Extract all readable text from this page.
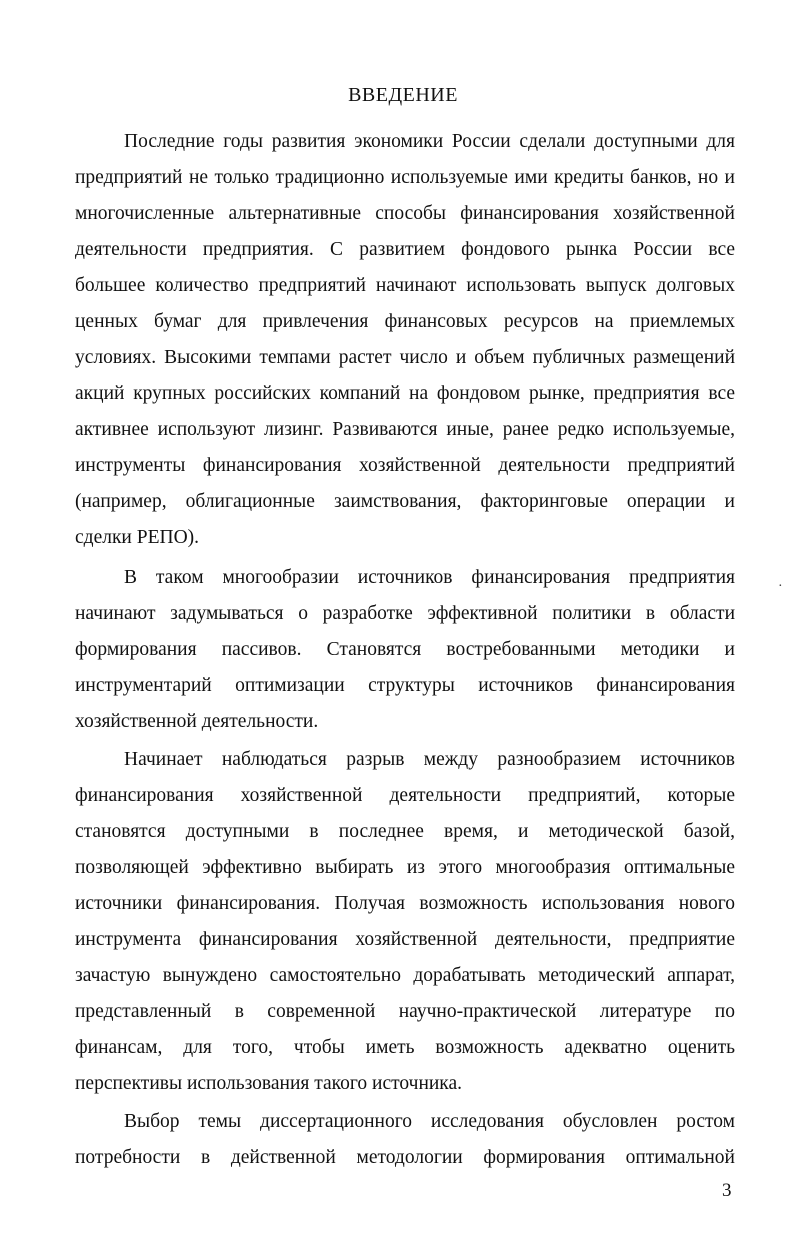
ВВЕДЕНИЕ
Последние годы развития экономики России сделали доступными для
предприятий не только традиционно используемые ими кредиты банков, но и
многочисленные альтернативные способы финансирования хозяйственной
деятельности предприятия. С развитием фондового рынка России все
большее количество предприятий начинают использовать выпуск долговых
ценных бумаг для привлечения финансовых ресурсов на приемлемых
условиях. Высокими темпами растет число и объем публичных размещений
акций крупных российских компаний на фондовом рынке, предприятия все
активнее используют лизинг. Развиваются иные, ранее редко используемые,
инструменты финансирования хозяйственной деятельности предприятий
(например, облигационные заимствования, факторинговые операции и
сделки РЕПО).
В таком многообразии источников финансирования предприятия
начинают задумываться о разработке эффективной политики в области
формирования пассивов. Становятся востребованными методики и
инструментарий оптимизации структуры источников финансирования
хозяйственной деятельности.
Начинает наблюдаться разрыв между разнообразием источников
финансирования хозяйственной деятельности предприятий, которые
становятся доступными в последнее время, и методической базой,
позволяющей эффективно выбирать из этого многообразия оптимальные
источники финансирования. Получая возможность использования нового
инструмента финансирования хозяйственной деятельности, предприятие
зачастую вынуждено самостоятельно дорабатывать методический аппарат,
представленный в современной научно-практической литературе по
финансам, для того, чтобы иметь возможность адекватно оценить
перспективы использования такого источника.
Выбор темы диссертационного исследования обусловлен ростом
потребности в действенной методологии формирования оптимальной
3
·
